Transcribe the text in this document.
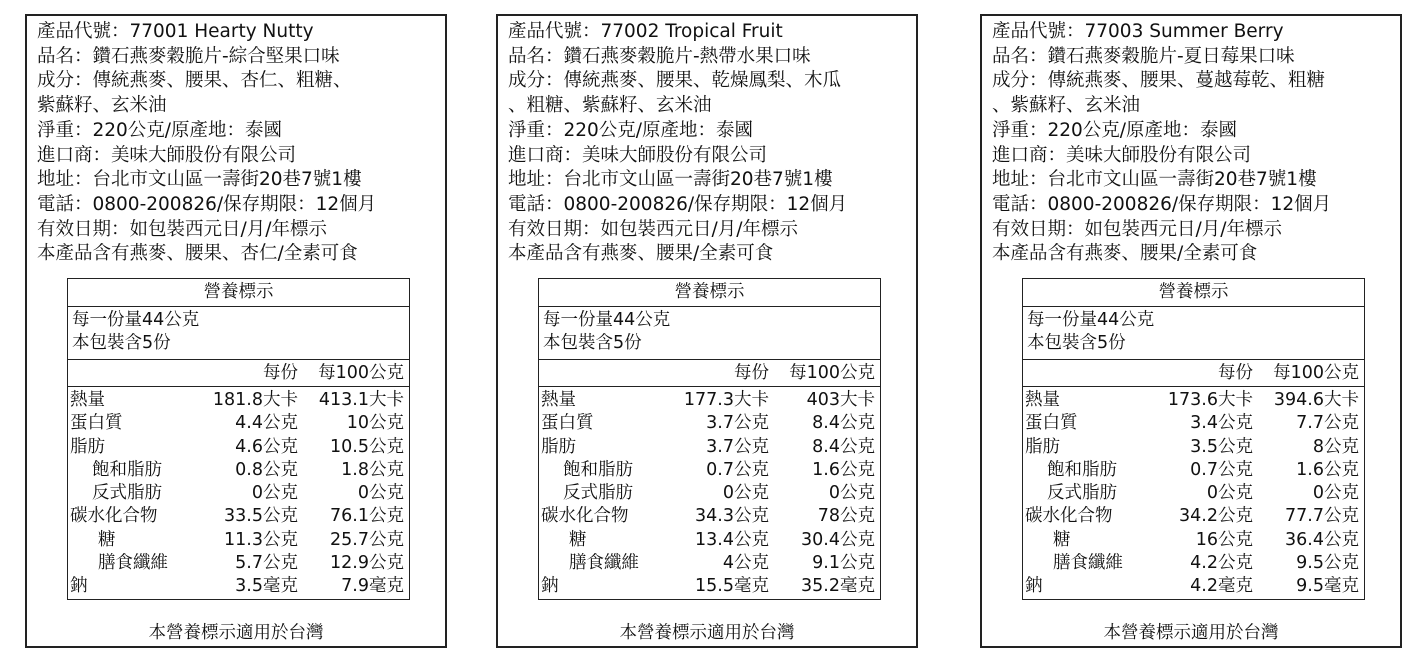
產品代號：77001 Hearty Nutty
品名：鑽石燕麥穀脆片-綜合堅果口味
成分：傳統燕麥、腰果、杏仁、粗糖、
紫蘇籽、玄米油
淨重：220公克/原產地：泰國
進口商：美味大師股份有限公司
地址：台北市文山區一壽街20巷7號1樓
電話：0800-200826/保存期限：12個月
有效日期：如包裝西元日/月/年標示
本產品含有燕麥、腰果、杏仁/全素可食
營養標示
每一份量44公克
本包裝含5份
每份	每100公克
熱量	181.8大卡	413.1大卡
蛋白質	4.4公克	10公克
脂肪	4.6公克	10.5公克
飽和脂肪	0.8公克	1.8公克
反式脂肪	0公克	0公克
碳水化合物	33.5公克	76.1公克
糖	11.3公克	25.7公克
膳食纖維	5.7公克	12.9公克
鈉	3.5毫克	7.9毫克
本營養標示適用於台灣
產品代號：77002 Tropical Fruit
品名：鑽石燕麥穀脆片-熱帶水果口味
成分：傳統燕麥、腰果、乾燥鳳梨、木瓜
、粗糖、紫蘇籽、玄米油
淨重：220公克/原產地：泰國
進口商：美味大師股份有限公司
地址：台北市文山區一壽街20巷7號1樓
電話：0800-200826/保存期限：12個月
有效日期：如包裝西元日/月/年標示
本產品含有燕麥、腰果/全素可食
營養標示
每一份量44公克
本包裝含5份
每份	每100公克
熱量	177.3大卡	403大卡
蛋白質	3.7公克	8.4公克
脂肪	3.7公克	8.4公克
飽和脂肪	0.7公克	1.6公克
反式脂肪	0公克	0公克
碳水化合物	34.3公克	78公克
糖	13.4公克	30.4公克
膳食纖維	4公克	9.1公克
鈉	15.5毫克	35.2毫克
本營養標示適用於台灣
產品代號：77003 Summer Berry
品名：鑽石燕麥穀脆片-夏日莓果口味
成分：傳統燕麥、腰果、蔓越莓乾、粗糖
、紫蘇籽、玄米油
淨重：220公克/原產地：泰國
進口商：美味大師股份有限公司
地址：台北市文山區一壽街20巷7號1樓
電話：0800-200826/保存期限：12個月
有效日期：如包裝西元日/月/年標示
本產品含有燕麥、腰果/全素可食
營養標示
每一份量44公克
本包裝含5份
每份	每100公克
熱量	173.6大卡	394.6大卡
蛋白質	3.4公克	7.7公克
脂肪	3.5公克	8公克
飽和脂肪	0.7公克	1.6公克
反式脂肪	0公克	0公克
碳水化合物	34.2公克	77.7公克
糖	16公克	36.4公克
膳食纖維	4.2公克	9.5公克
鈉	4.2毫克	9.5毫克
本營養標示適用於台灣
